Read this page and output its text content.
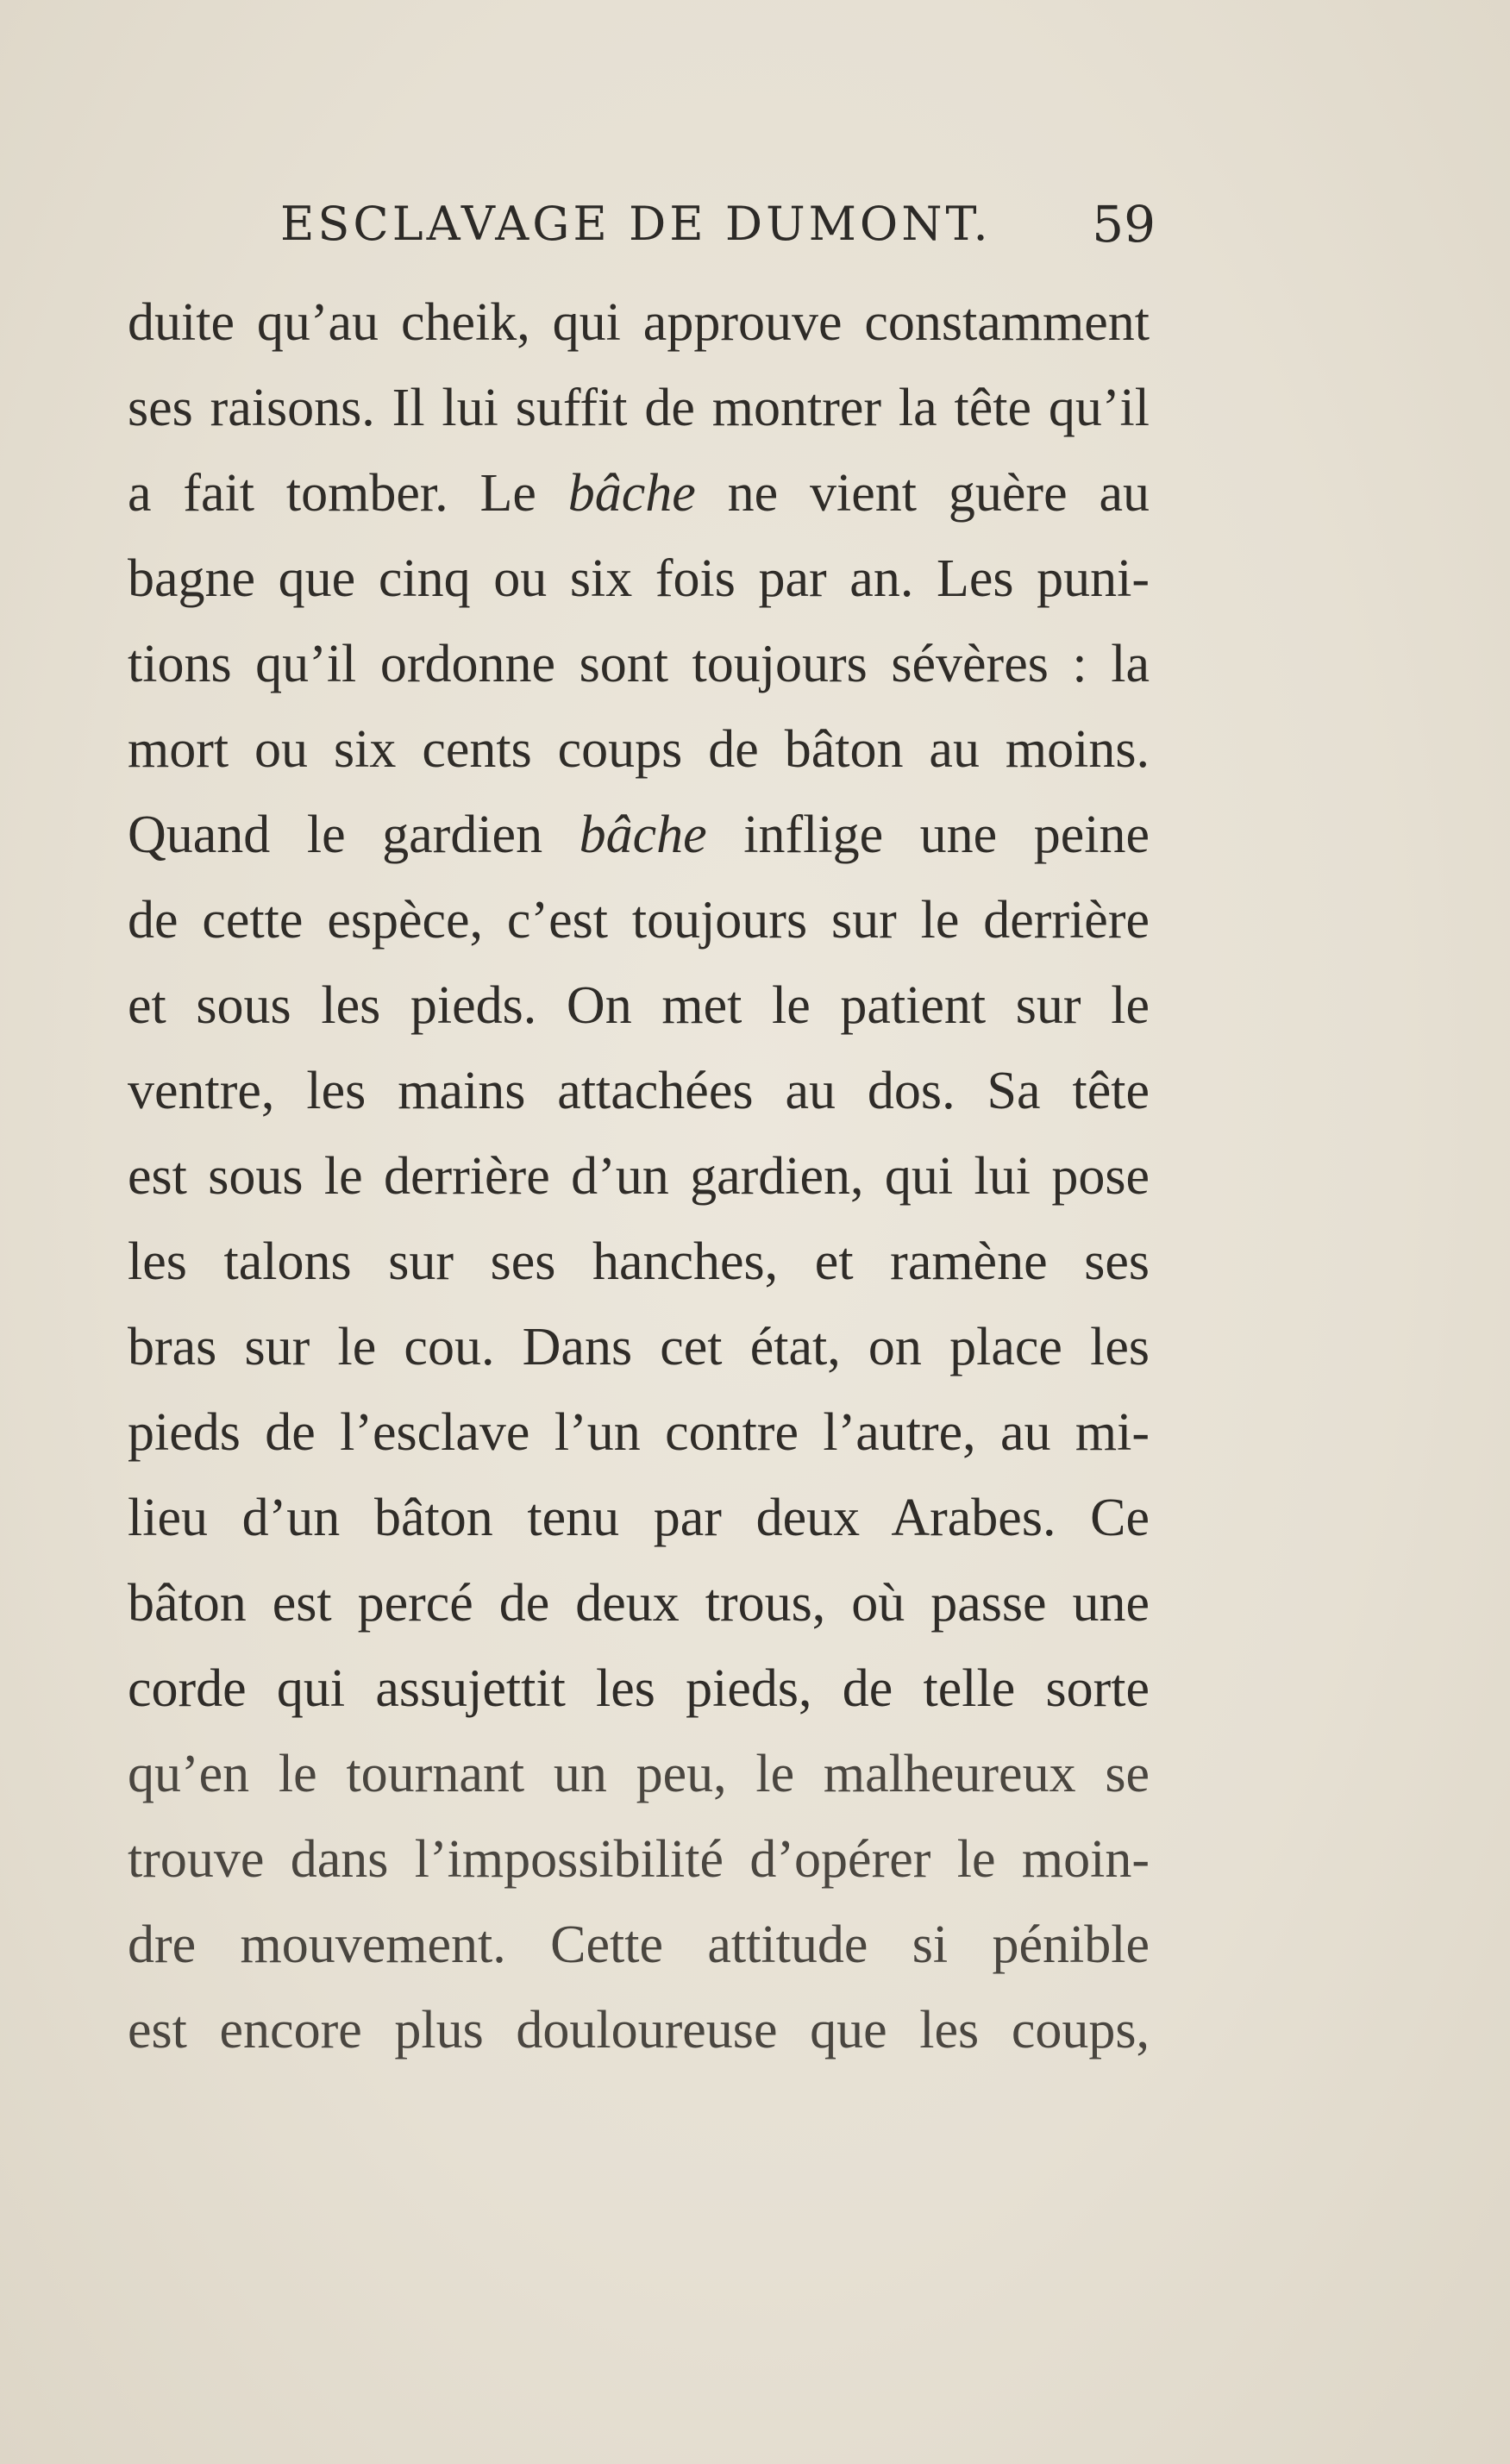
ESCLAVAGE DE DUMONT. 59
duite qu’au cheik, qui approuve constamment
ses raisons. Il lui suffit de montrer la tête qu’il
a fait tomber. Le bâche ne vient guère au
bagne que cinq ou six fois par an. Les puni-
tions qu’il ordonne sont toujours sévères : la
mort ou six cents coups de bâton au moins.
Quand le gardien bâche inflige une peine
de cette espèce, c’est toujours sur le derrière
et sous les pieds. On met le patient sur le
ventre, les mains attachées au dos. Sa tête
est sous le derrière d’un gardien, qui lui pose
les talons sur ses hanches, et ramène ses
bras sur le cou. Dans cet état, on place les
pieds de l’esclave l’un contre l’autre, au mi-
lieu d’un bâton tenu par deux Arabes. Ce
bâton est percé de deux trous, où passe une
corde qui assujettit les pieds, de telle sorte
qu’en le tournant un peu, le malheureux se
trouve dans l’impossibilité d’opérer le moin-
dre mouvement. Cette attitude si pénible
est encore plus douloureuse que les coups,
